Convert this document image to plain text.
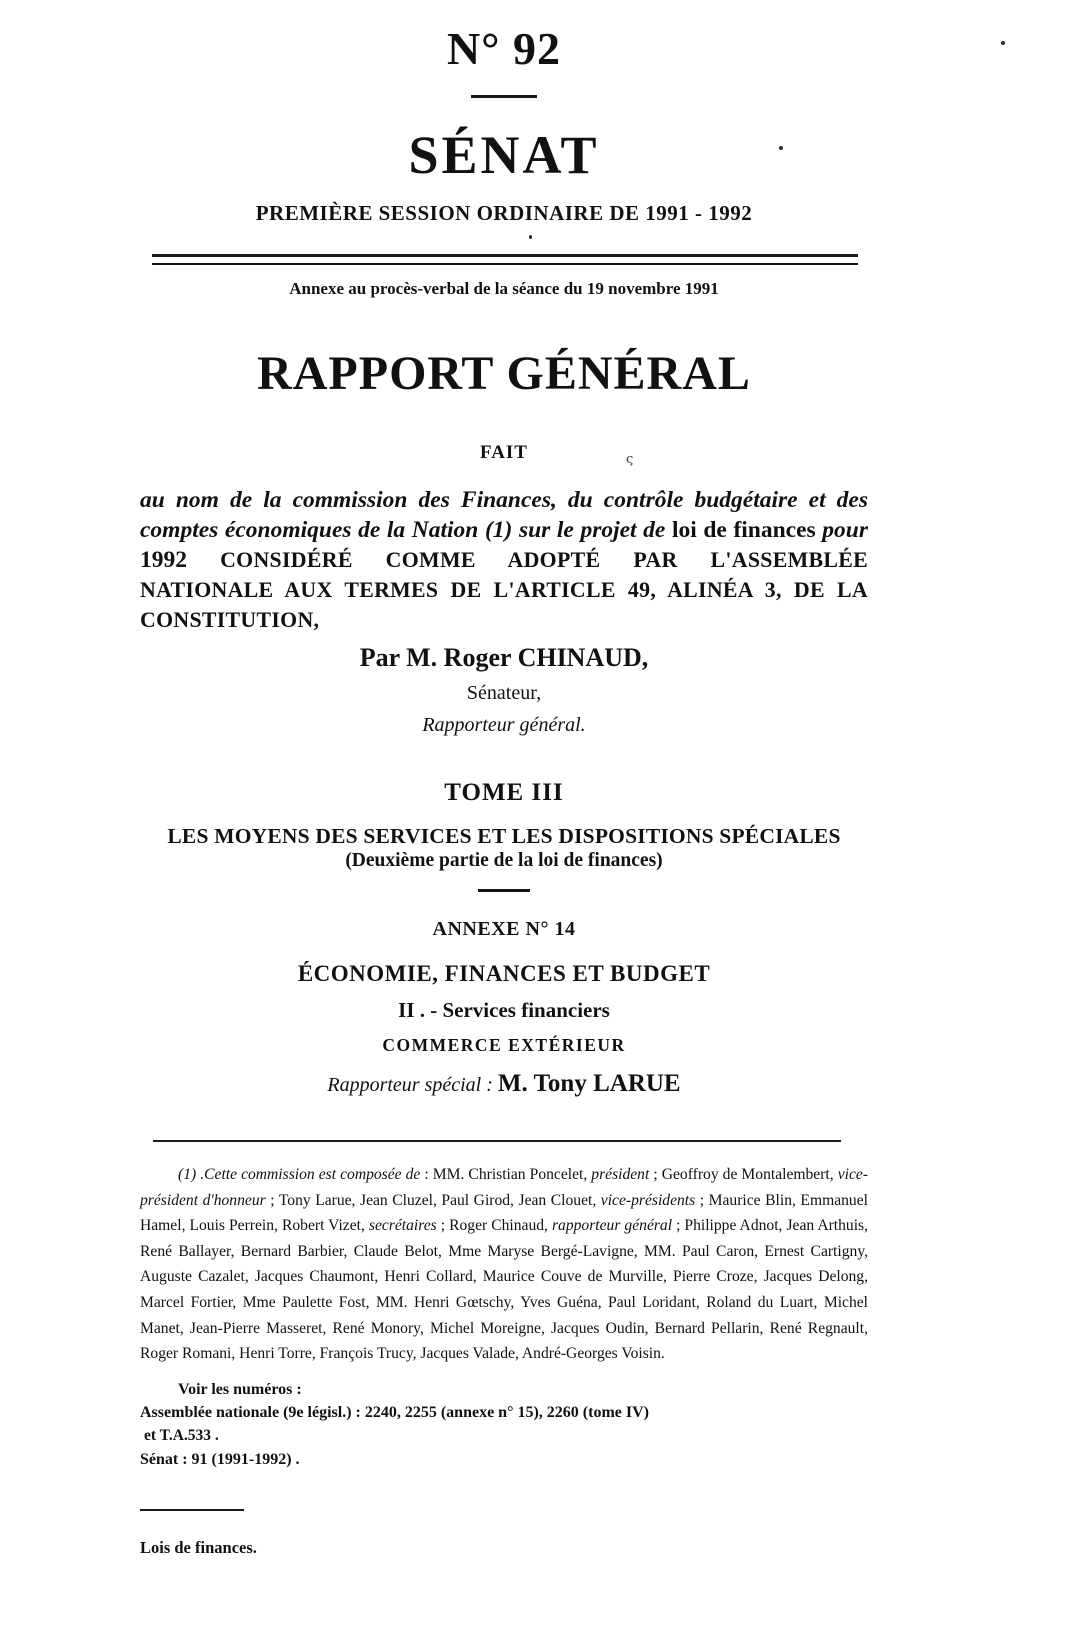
N° 92
SÉNAT
PREMIÈRE SESSION ORDINAIRE DE 1991 - 1992
Annexe au procès-verbal de la séance du 19 novembre 1991
RAPPORT GÉNÉRAL
FAIT
au nom de la commission des Finances, du contrôle budgétaire et des comptes économiques de la Nation (1) sur le projet de loi de finances pour 1992 CONSIDÉRÉ COMME ADOPTÉ PAR L'ASSEMBLÉE NATIONALE AUX TERMES DE L'ARTICLE 49, ALINÉA 3, DE LA CONSTITUTION,
Par M. Roger CHINAUD,
Sénateur,
Rapporteur général.
TOME III
LES MOYENS DES SERVICES ET LES DISPOSITIONS SPÉCIALES
(Deuxième partie de la loi de finances)
ANNEXE N° 14
ÉCONOMIE, FINANCES ET BUDGET
II . - Services financiers
COMMERCE EXTÉRIEUR
Rapporteur spécial : M. Tony LARUE
(1) .Cette commission est composée de : MM. Christian Poncelet, président ; Geoffroy de Montalembert, vice-président d'honneur ; Tony Larue, Jean Cluzel, Paul Girod, Jean Clouet, vice-présidents ; Maurice Blin, Emmanuel Hamel, Louis Perrein, Robert Vizet, secrétaires ; Roger Chinaud, rapporteur général ; Philippe Adnot, Jean Arthuis, René Ballayer, Bernard Barbier, Claude Belot, Mme Maryse Bergé-Lavigne, MM. Paul Caron, Ernest Cartigny, Auguste Cazalet, Jacques Chaumont, Henri Collard, Maurice Couve de Murville, Pierre Croze, Jacques Delong, Marcel Fortier, Mme Paulette Fost, MM. Henri Gœtschy, Yves Guéna, Paul Loridant, Roland du Luart, Michel Manet, Jean-Pierre Masseret, René Monory, Michel Moreigne, Jacques Oudin, Bernard Pellarin, René Regnault, Roger Romani, Henri Torre, François Trucy, Jacques Valade, André-Georges Voisin.
Voir les numéros :
Assemblée nationale (9e législ.) : 2240, 2255 (annexe n° 15), 2260 (tome IV)
et T.A.533 .
Sénat : 91 (1991-1992) .
Lois de finances.
ς
